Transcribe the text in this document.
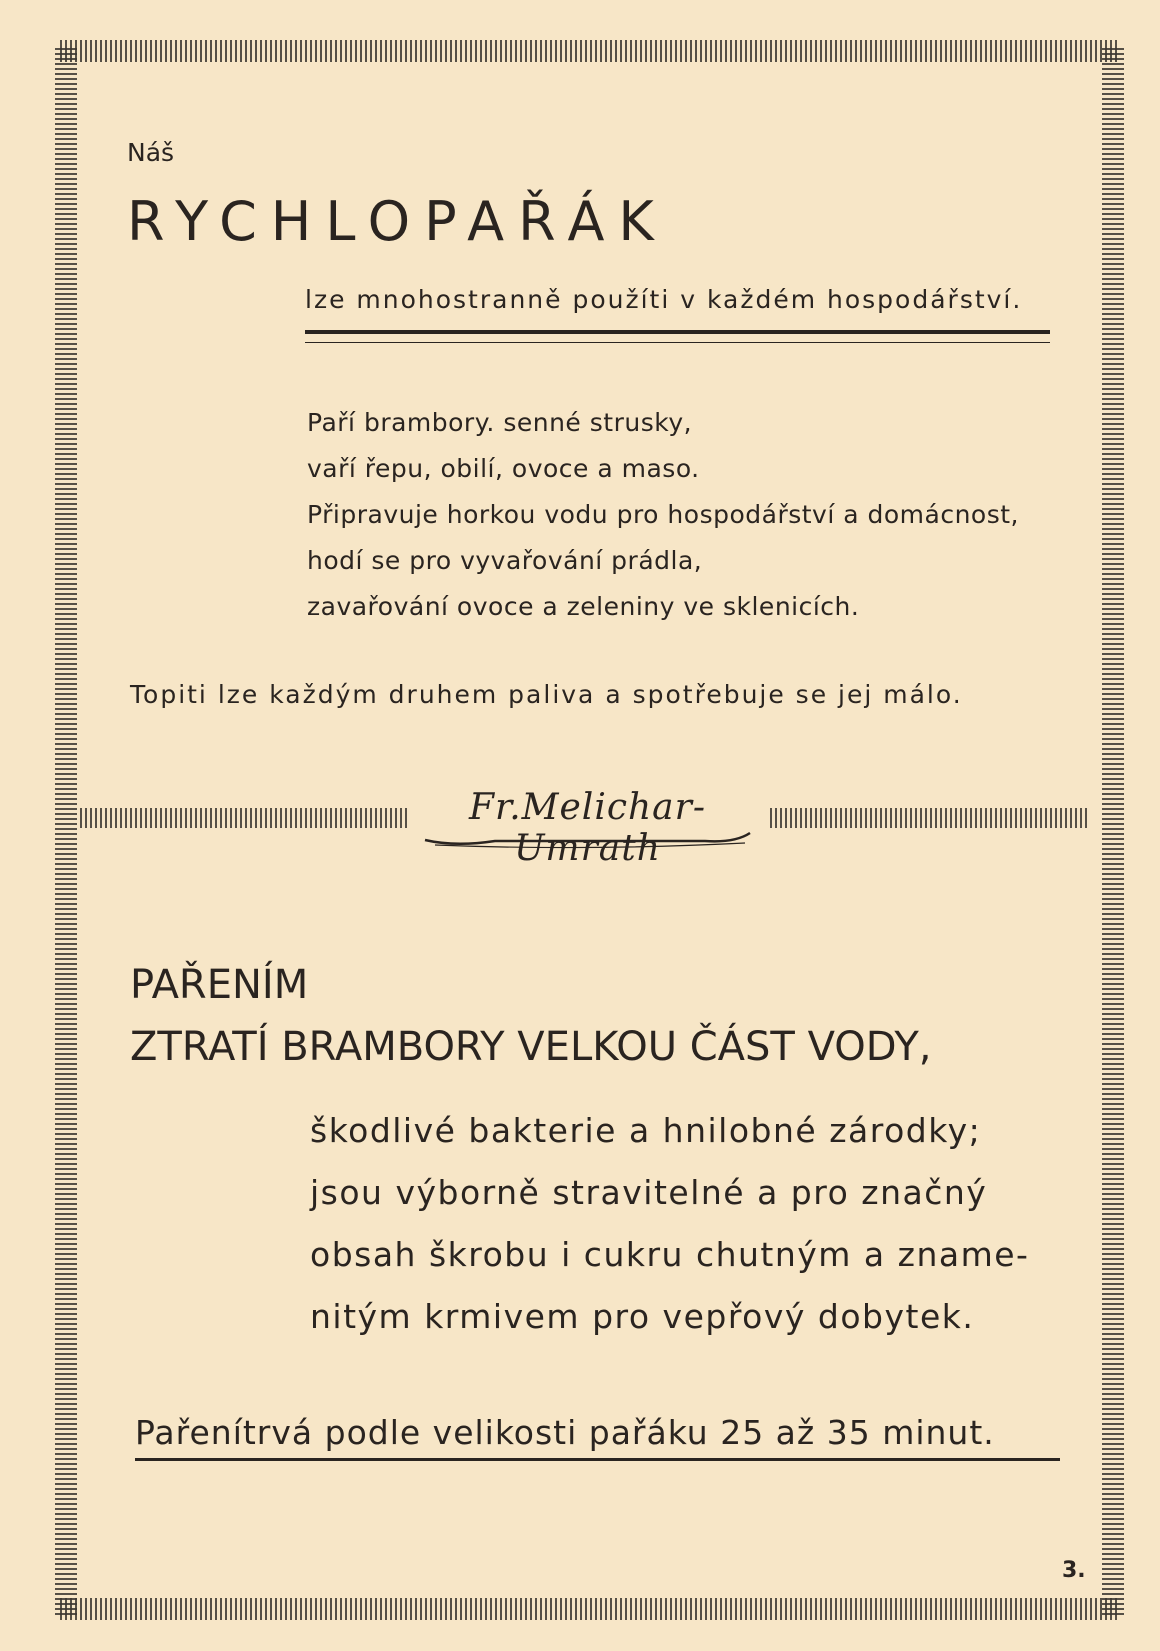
Náš

RYCHLOPAŘÁK

lze mnohostranně použíti v každém hospodářství.

Paří brambory. senné strusky,

vaří řepu, obilí, ovoce a maso.

Připravuje horkou vodu pro hospodářství a domácnost,

hodí se pro vyvařování prádla,

zavařování ovoce a zeleniny ve sklenicích.

Topiti lze každým druhem paliva a spotřebuje se jej málo.

Fr.Melichar-Umrath

PAŘENÍM

ZTRATÍ BRAMBORY VELKOU ČÁST VODY,

škodlivé bakterie a hnilobné zárodky;

jsou výborně stravitelné a pro značný

obsah škrobu i cukru chutným a zname-

nitým krmivem pro vepřový dobytek.

Pařenítrvá podle velikosti pařáku 25 až 35 minut.

3.
